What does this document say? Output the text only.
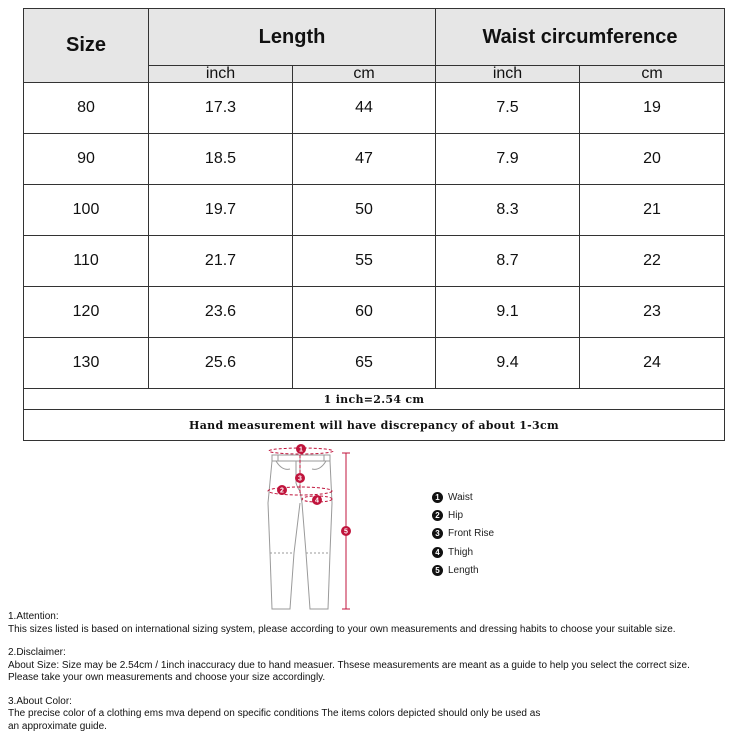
Size	Length		Waist circumference	
	inch	cm	inch	cm
80	17.3	44	7.5	19
90	18.5	47	7.9	20
100	19.7	50	8.3	21
110	21.7	55	8.7	22
120	23.6	60	9.1	23
130	25.6	65	9.4	24
1 inch=2.54 cm				
Hand measurement will have discrepancy of about 1-3cm				
1
2
3
4
5
1 Waist
2 Hip
3 Front Rise
4 Thigh
5 Length

1.Attention:

This sizes listed is based on international sizing system, please according to your own measurements and dressing habits to choose your suitable size.

2.Disclaimer:

About Size: Size may be 2.54cm / 1inch inaccuracy due to hand measuer. Thsese measurements are meant as a guide to help you select the correct size.

Please take your own measurements and choose your size accordingly.

3.About Color:

The precise color of a clothing ems mva depend on specific conditions The items colors depicted should only be used as

an approximate guide.
